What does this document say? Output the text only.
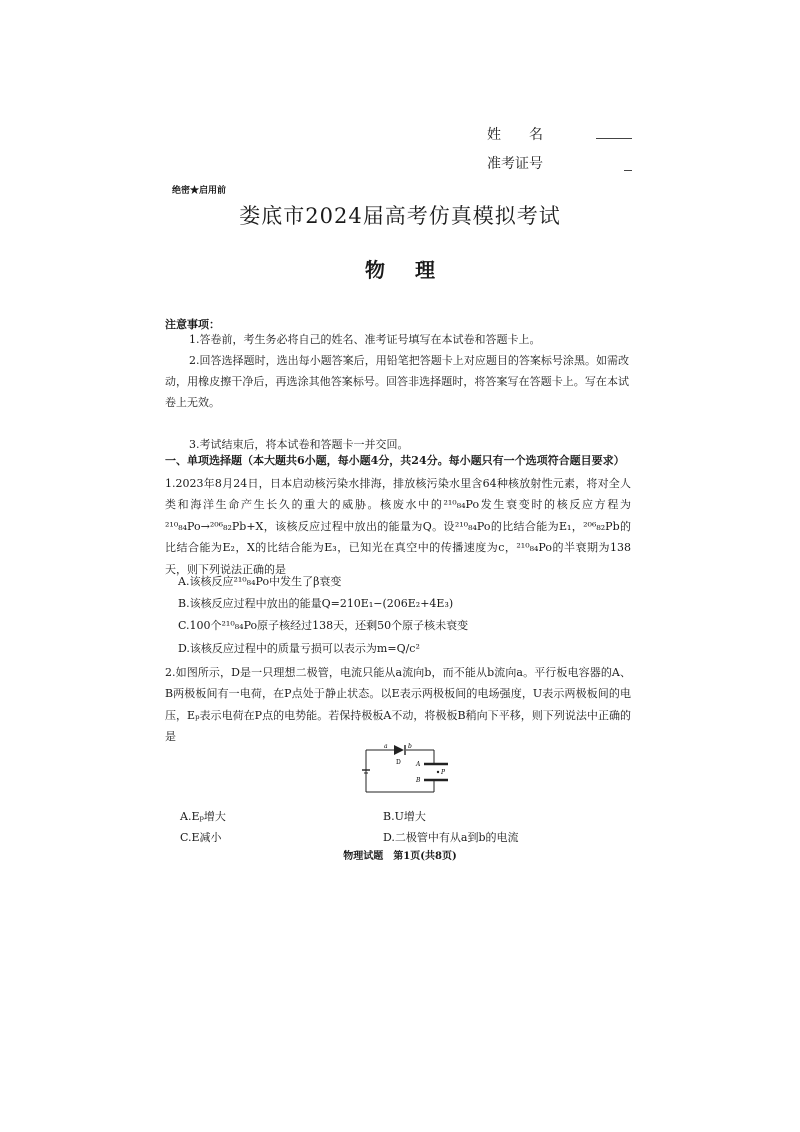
姓　　名
准考证号
绝密★启用前
娄底市2024届高考仿真模拟考试
物理
注意事项：
1.答卷前，考生务必将自己的姓名、准考证号填写在本试卷和答题卡上。
2.回答选择题时，选出每小题答案后，用铅笔把答题卡上对应题目的答案标号涂黑。如需改动，用橡皮擦干净后，再选涂其他答案标号。回答非选择题时，将答案写在答题卡上。写在本试卷上无效。
3.考试结束后，将本试卷和答题卡一并交回。
一、单项选择题（本大题共6小题，每小题4分，共24分。每小题只有一个选项符合题目要求）
1.2023年8月24日，日本启动核污染水排海，排放核污染水里含64种核放射性元素，将对全人类和海洋生命产生长久的重大的威胁。核废水中的²¹⁰₈₄Po发生衰变时的核反应方程为²¹⁰₈₄Po→²⁰⁶₈₂Pb+X，该核反应过程中放出的能量为Q。设²¹⁰₈₄Po的比结合能为E₁，²⁰⁶₈₂Pb的比结合能为E₂，X的比结合能为E₃，已知光在真空中的传播速度为c，²¹⁰₈₄Po的半衰期为138天，则下列说法正确的是
A.该核反应²¹⁰₈₄Po中发生了β衰变
B.该核反应过程中放出的能量Q=210E₁−(206E₂+4E₃)
C.100个²¹⁰₈₄Po原子核经过138天，还剩50个原子核未衰变
D.该核反应过程中的质量亏损可以表示为m=Q/c²
2.如图所示，D是一只理想二极管，电流只能从a流向b，而不能从b流向a。平行板电容器的A、B两极板间有一电荷，在P点处于静止状态。以E表示两极板间的电场强度，U表示两极板间的电压，Eₚ表示电荷在P点的电势能。若保持极板A不动，将极板B稍向下平移，则下列说法中正确的是
a	b
D	A
B
P
A.Eₚ增大	B.U增大
C.E减小	D.二极管中有从a到b的电流
物理试题　第1页(共8页)
